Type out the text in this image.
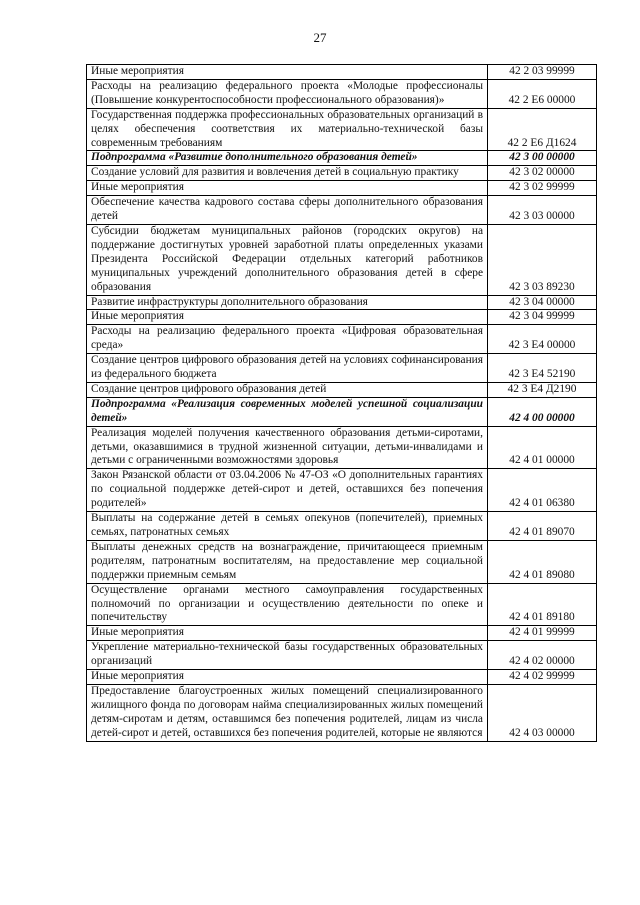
27
Иные мероприятия	42 2 03 99999
Расходы на реализацию федерального проекта «Молодые профессионалы (Повышение конкурентоспособности профессионального образования)»	42 2 Е6 00000
Государственная поддержка профессиональных образовательных организаций в целях обеспечения соответствия их материально-технической базы современным требованиям	42 2 Е6 Д1624
Подпрограмма «Развитие дополнительного образования детей»	42 3 00 00000
Создание условий для развития и вовлечения детей в социальную практику	42 3 02 00000
Иные мероприятия	42 3 02 99999
Обеспечение качества кадрового состава сферы дополнительного образования детей	42 3 03 00000
Субсидии бюджетам муниципальных районов (городских округов) на поддержание достигнутых уровней заработной платы определенных указами Президента Российской Федерации отдельных категорий работников муниципальных учреждений дополнительного образования детей в сфере образования	42 3 03 89230
Развитие инфраструктуры дополнительного образования	42 3 04 00000
Иные мероприятия	42 3 04 99999
Расходы на реализацию федерального проекта «Цифровая образовательная среда»	42 3 Е4 00000
Создание центров цифрового образования детей на условиях софинансирования из федерального бюджета	42 3 Е4 52190
Создание центров цифрового образования детей	42 3 Е4 Д2190
Подпрограмма «Реализация современных моделей успешной социализации детей»	42 4 00 00000
Реализация моделей получения качественного образования детьми-сиротами, детьми, оказавшимися в трудной жизненной ситуации, детьми-инвалидами и детьми с ограниченными возможностями здоровья	42 4 01 00000
Закон Рязанской области от 03.04.2006 № 47-ОЗ «О дополнительных гарантиях по социальной поддержке детей-сирот и детей, оставшихся без попечения родителей»	42 4 01 06380
Выплаты на содержание детей в семьях опекунов (попечителей), приемных семьях, патронатных семьях	42 4 01 89070
Выплаты денежных средств на вознаграждение, причитающееся приемным родителям, патронатным воспитателям, на предоставление мер социальной поддержки приемным семьям	42 4 01 89080
Осуществление органами местного самоуправления государственных полномочий по организации и осуществлению деятельности по опеке и попечительству	42 4 01 89180
Иные мероприятия	42 4 01 99999
Укрепление материально-технической базы государственных образовательных организаций	42 4 02 00000
Иные мероприятия	42 4 02 99999
Предоставление благоустроенных жилых помещений специализированного жилищного фонда по договорам найма специализированных жилых помещений детям-сиротам и детям, оставшимся без попечения родителей, лицам из числа детей-сирот и детей, оставшихся без попечения родителей, которые не являются	42 4 03 00000
